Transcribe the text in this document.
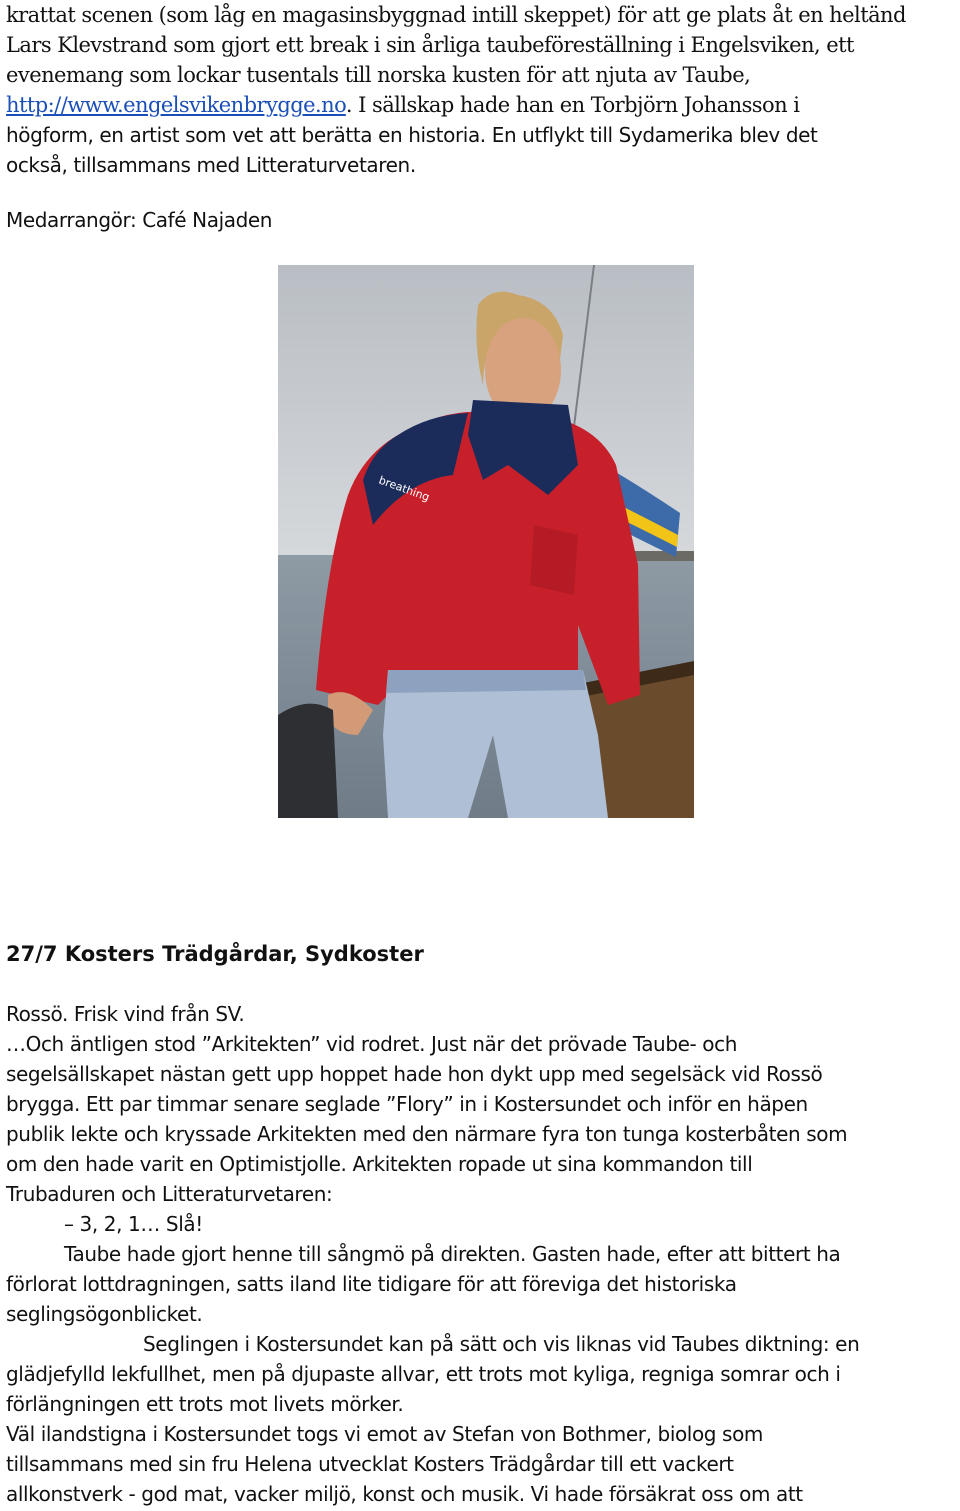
krattat scenen (som låg en magasinsbyggnad intill skeppet) för att ge plats åt en heltänd

Lars Klevstrand som gjort ett break i sin årliga taubeföreställning i Engelsviken, ett

evenemang som lockar tusentals till norska kusten för att njuta av Taube,

http://www.engelsvikenbrygge.no. I sällskap hade han en Torbjörn Johansson i

högform, en artist som vet att berätta en historia. En utflykt till Sydamerika blev det

också, tillsammans med Litteraturvetaren.

Medarrangör: Café Najaden

breathing

27/7 Kosters Trädgårdar, Sydkoster

Rossö. Frisk vind från SV.

…Och äntligen stod ”Arkitekten” vid rodret. Just när det prövade Taube- och

segelsällskapet nästan gett upp hoppet hade hon dykt upp med segelsäck vid Rossö

brygga. Ett par timmar senare seglade ”Flory” in i Kostersundet och inför en häpen

publik lekte och kryssade Arkitekten med den närmare fyra ton tunga kosterbåten som

om den hade varit en Optimistjolle. Arkitekten ropade ut sina kommandon till

Trubaduren och Litteraturvetaren:

– 3, 2, 1… Slå!

Taube hade gjort henne till sångmö på direkten. Gasten hade, efter att bittert ha

förlorat lottdragningen, satts iland lite tidigare för att föreviga det historiska

seglingsögonblicket.

Seglingen i Kostersundet kan på sätt och vis liknas vid Taubes diktning: en

glädjefylld lekfullhet, men på djupaste allvar, ett trots mot kyliga, regniga somrar och i

förlängningen ett trots mot livets mörker.

Väl ilandstigna i Kostersundet togs vi emot av Stefan von Bothmer, biolog som

tillsammans med sin fru Helena utvecklat Kosters Trädgårdar till ett vackert

allkonstverk - god mat, vacker miljö, konst och musik. Vi hade försäkrat oss om att
